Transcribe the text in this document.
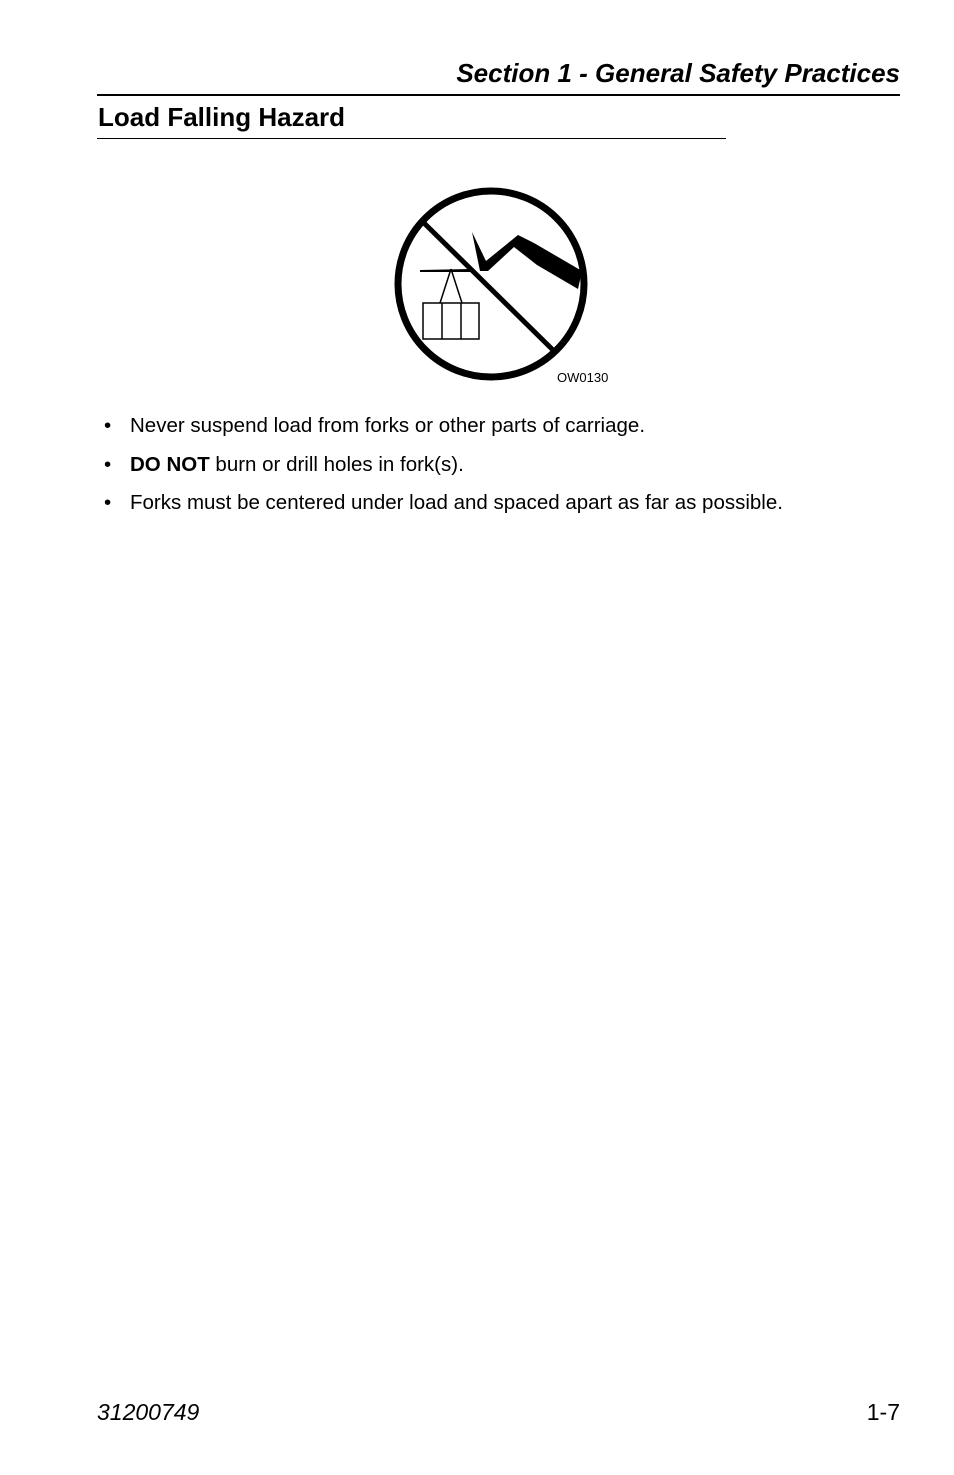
Section 1 - General Safety Practices
Load Falling Hazard
OW0130
• Never suspend load from forks or other parts of carriage.
• DO NOT burn or drill holes in fork(s).
• Forks must be centered under load and spaced apart as far as possible.
31200749	1-7
